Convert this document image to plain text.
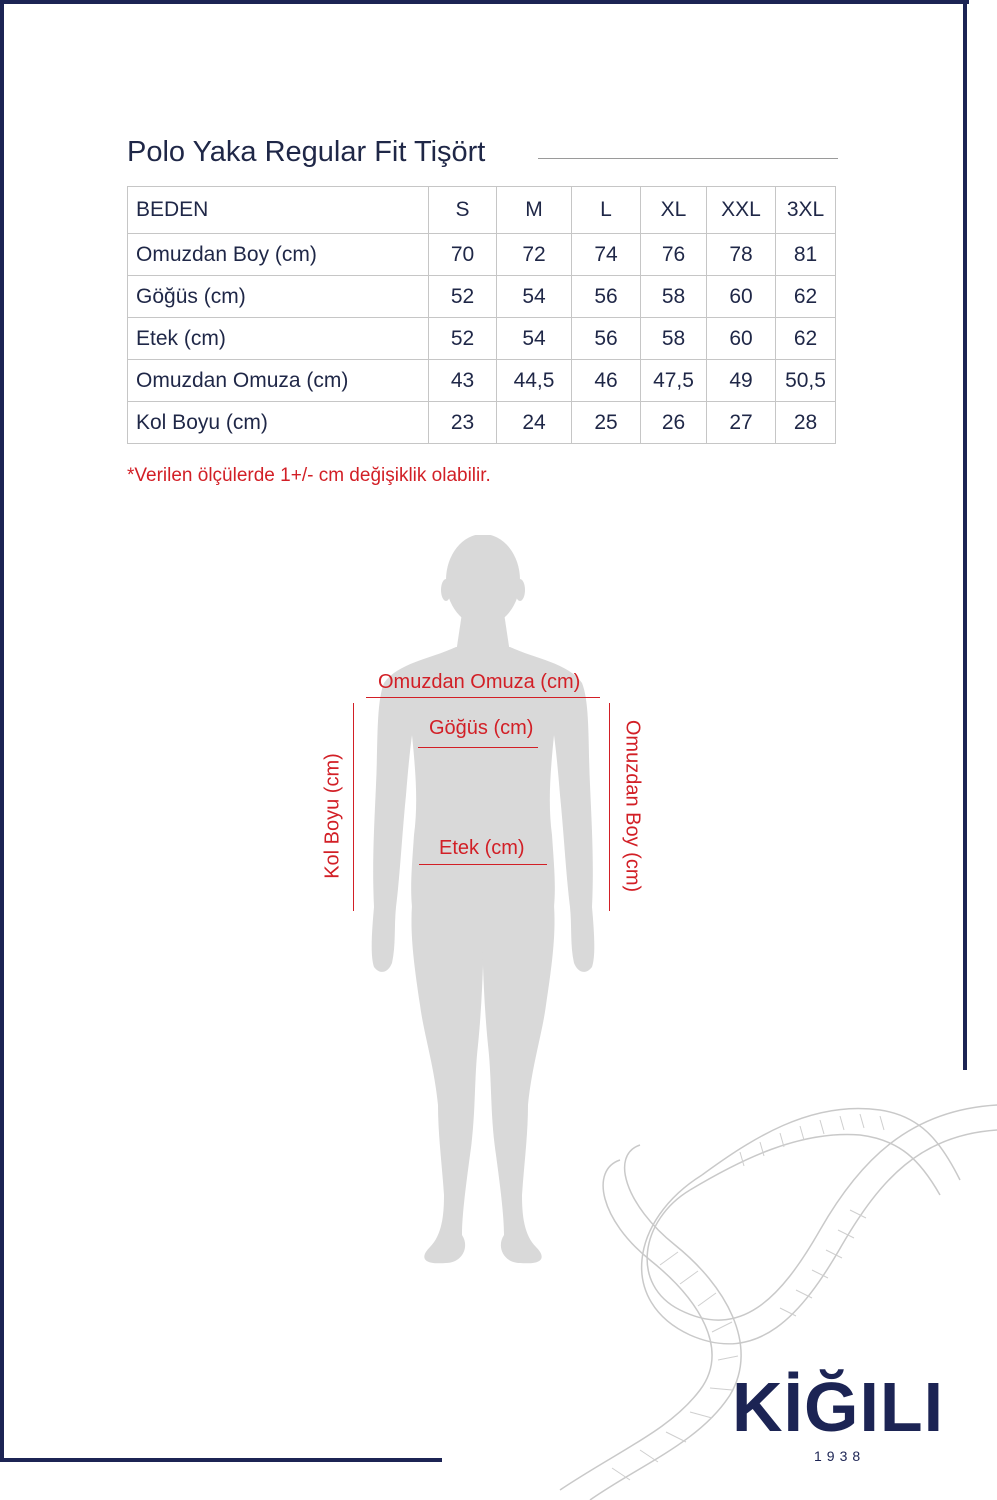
Polo Yaka Regular Fit Tişört
BEDEN	S	M	L	XL	XXL	3XL
Omuzdan Boy (cm)	70	72	74	76	78	81
Göğüs (cm)	52	54	56	58	60	62
Etek (cm)	52	54	56	58	60	62
Omuzdan Omuza (cm)	43	44,5	46	47,5	49	50,5
Kol Boyu (cm)	23	24	25	26	27	28
*Verilen ölçülerde 1+/- cm değişiklik olabilir.
Omuzdan Omuza (cm)
Göğüs (cm)
Etek (cm)
Kol Boyu (cm)	Omuzdan Boy (cm)
KİĞILI
1938
